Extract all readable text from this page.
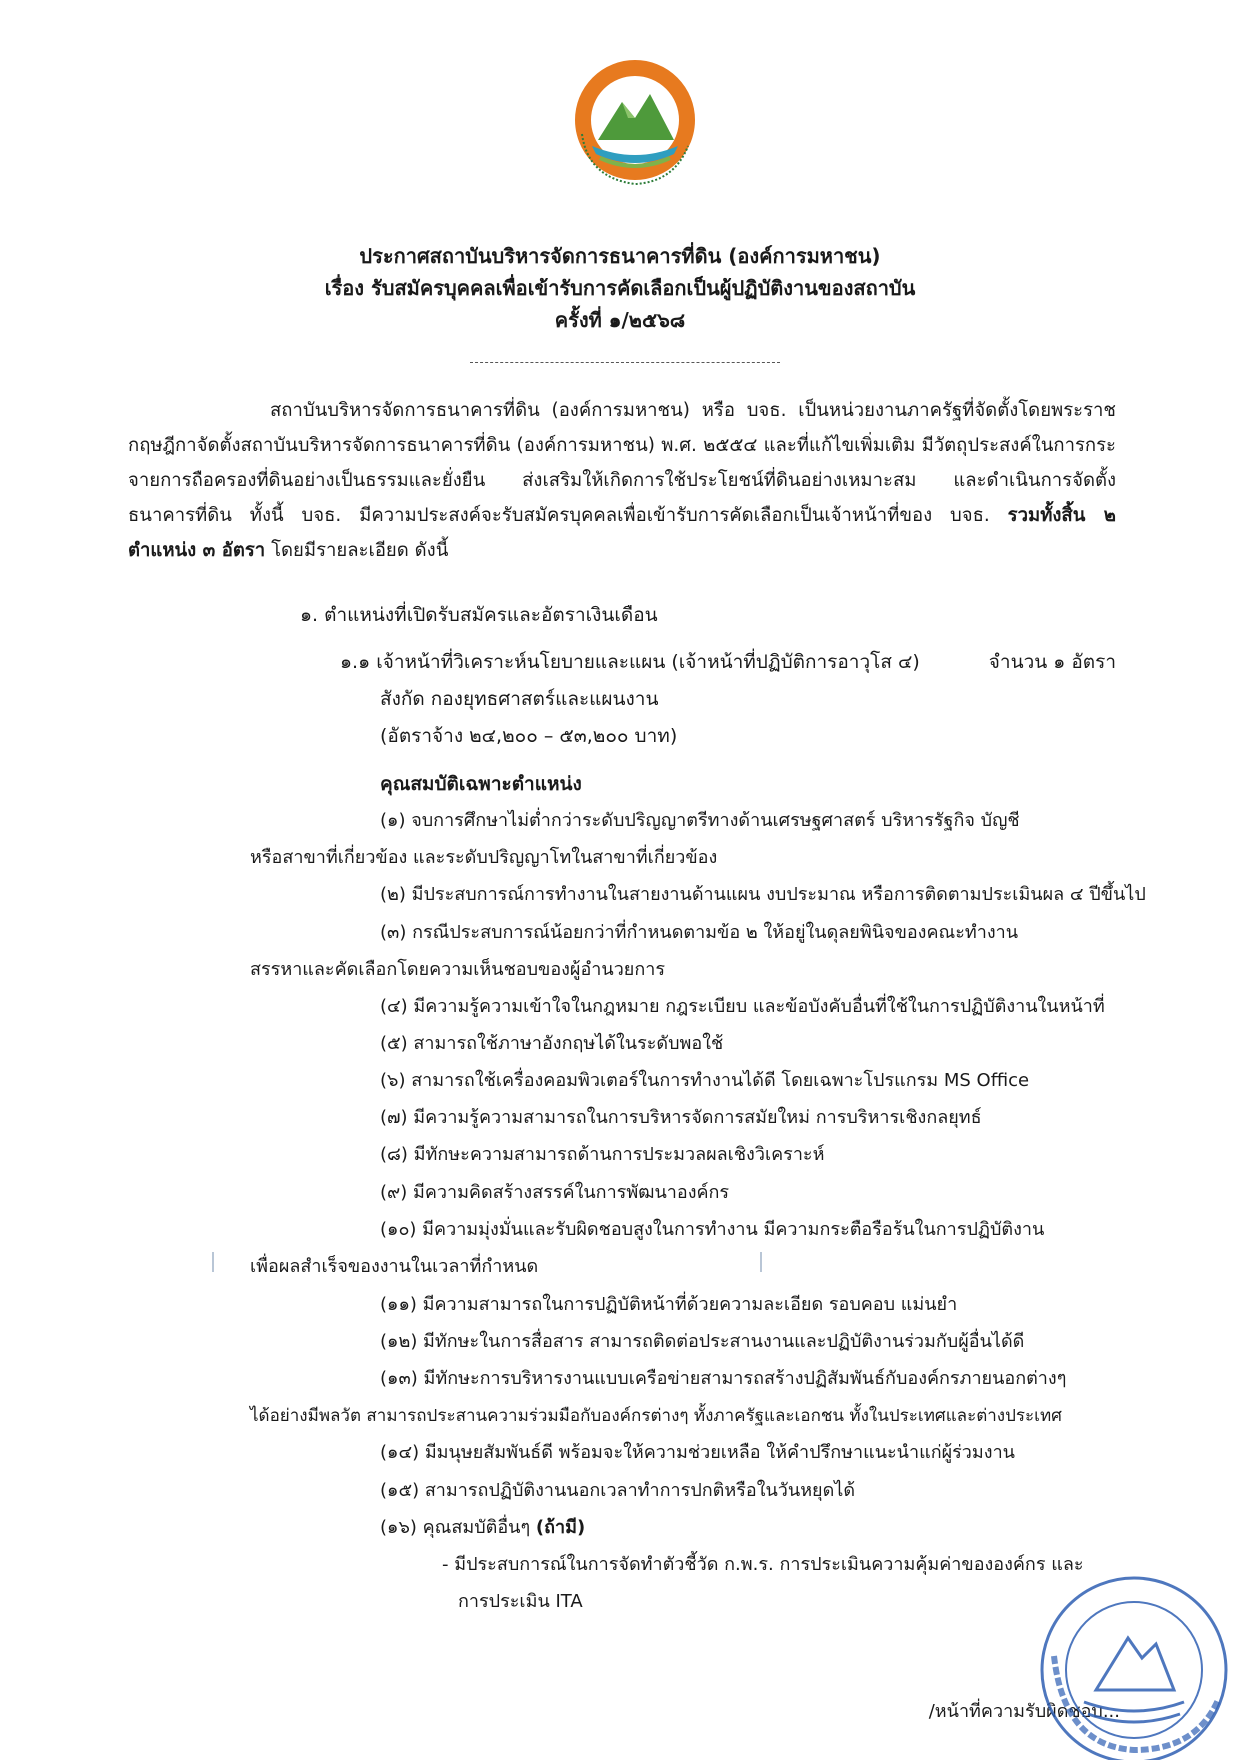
ประกาศสถาบันบริหารจัดการธนาคารที่ดิน (องค์การมหาชน)

เรื่อง รับสมัครบุคคลเพื่อเข้ารับการคัดเลือกเป็นผู้ปฏิบัติงานของสถาบัน

ครั้งที่ ๑/๒๕๖๘

สถาบันบริหารจัดการธนาคารที่ดิน (องค์การมหาชน) หรือ บจธ. เป็นหน่วยงานภาครัฐที่จัดตั้งโดยพระราชกฤษฎีกาจัดตั้งสถาบันบริหารจัดการธนาคารที่ดิน (องค์การมหาชน) พ.ศ. ๒๕๕๔ และที่แก้ไขเพิ่มเติม มีวัตถุประสงค์ในการกระจายการถือครองที่ดินอย่างเป็นธรรมและยั่งยืน ส่งเสริมให้เกิดการใช้ประโยชน์ที่ดินอย่างเหมาะสม และดำเนินการจัดตั้งธนาคารที่ดิน ทั้งนี้ บจธ. มีความประสงค์จะรับสมัครบุคคลเพื่อเข้ารับการคัดเลือกเป็นเจ้าหน้าที่ของ บจธ. รวมทั้งสิ้น ๒ ตำแหน่ง ๓ อัตรา โดยมีรายละเอียด ดังนี้

๑. ตำแหน่งที่เปิดรับสมัครและอัตราเงินเดือน

๑.๑ เจ้าหน้าที่วิเคราะห์นโยบายและแผน (เจ้าหน้าที่ปฏิบัติการอาวุโส ๔)	จำนวน ๑ อัตรา

สังกัด กองยุทธศาสตร์และแผนงาน

(อัตราจ้าง ๒๔,๒๐๐ – ๕๓,๒๐๐ บาท)

คุณสมบัติเฉพาะตำแหน่ง

(๑) จบการศึกษาไม่ต่ำกว่าระดับปริญญาตรีทางด้านเศรษฐศาสตร์ บริหารรัฐกิจ บัญชี

หรือสาขาที่เกี่ยวข้อง และระดับปริญญาโทในสาขาที่เกี่ยวข้อง

(๒) มีประสบการณ์การทำงานในสายงานด้านแผน งบประมาณ หรือการติดตามประเมินผล ๔ ปีขึ้นไป

(๓) กรณีประสบการณ์น้อยกว่าที่กำหนดตามข้อ ๒ ให้อยู่ในดุลยพินิจของคณะทำงาน

สรรหาและคัดเลือกโดยความเห็นชอบของผู้อำนวยการ

(๔) มีความรู้ความเข้าใจในกฎหมาย กฎระเบียบ และข้อบังคับอื่นที่ใช้ในการปฏิบัติงานในหน้าที่

(๕) สามารถใช้ภาษาอังกฤษได้ในระดับพอใช้

(๖) สามารถใช้เครื่องคอมพิวเตอร์ในการทำงานได้ดี โดยเฉพาะโปรแกรม MS Office

(๗) มีความรู้ความสามารถในการบริหารจัดการสมัยใหม่ การบริหารเชิงกลยุทธ์

(๘) มีทักษะความสามารถด้านการประมวลผลเชิงวิเคราะห์

(๙) มีความคิดสร้างสรรค์ในการพัฒนาองค์กร

(๑๐) มีความมุ่งมั่นและรับผิดชอบสูงในการทำงาน มีความกระตือรือร้นในการปฏิบัติงาน

เพื่อผลสำเร็จของงานในเวลาที่กำหนด

(๑๑) มีความสามารถในการปฏิบัติหน้าที่ด้วยความละเอียด รอบคอบ แม่นยำ

(๑๒) มีทักษะในการสื่อสาร สามารถติดต่อประสานงานและปฏิบัติงานร่วมกับผู้อื่นได้ดี

(๑๓) มีทักษะการบริหารงานแบบเครือข่ายสามารถสร้างปฏิสัมพันธ์กับองค์กรภายนอกต่างๆ

ได้อย่างมีพลวัต สามารถประสานความร่วมมือกับองค์กรต่างๆ ทั้งภาครัฐและเอกชน ทั้งในประเทศและต่างประเทศ

(๑๔) มีมนุษยสัมพันธ์ดี พร้อมจะให้ความช่วยเหลือ ให้คำปรึกษาแนะนำแก่ผู้ร่วมงาน

(๑๕) สามารถปฏิบัติงานนอกเวลาทำการปกติหรือในวันหยุดได้

(๑๖) คุณสมบัติอื่นๆ (ถ้ามี)

- มีประสบการณ์ในการจัดทำตัวชี้วัด ก.พ.ร. การประเมินความคุ้มค่าขององค์กร และ

การประเมิน ITA

/หน้าที่ความรับผิดชอบ...
